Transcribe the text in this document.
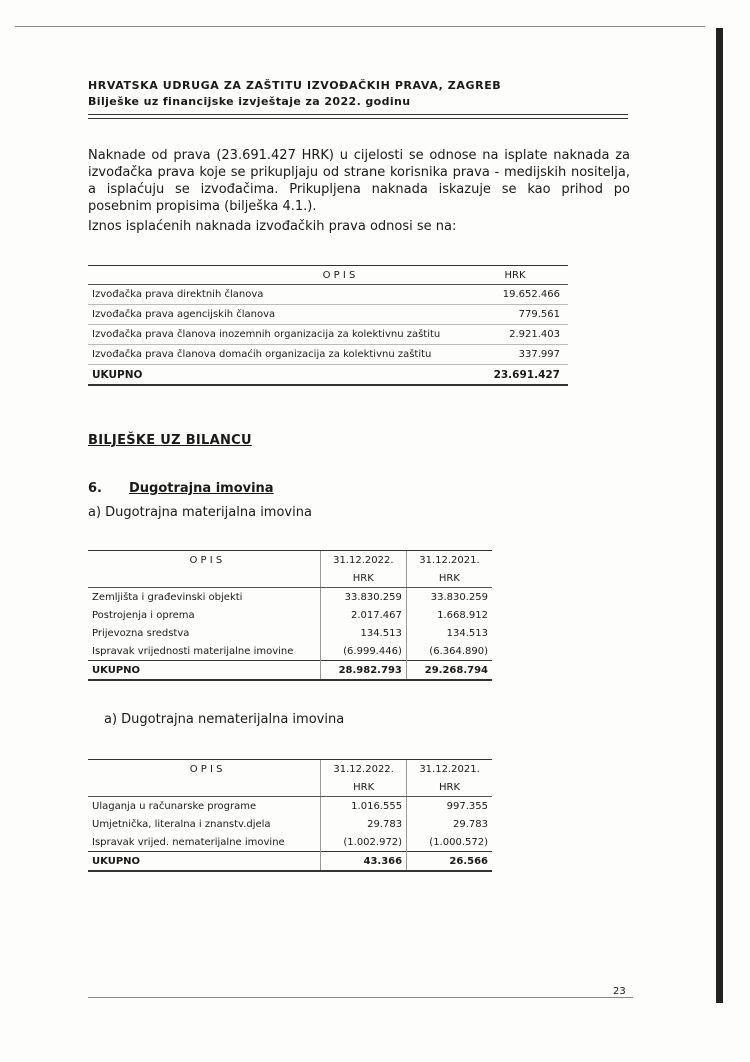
HRVATSKA UDRUGA ZA ZAŠTITU IZVOĐAČKIH PRAVA, ZAGREB
Bilješke uz financijske izvještaje za 2022. godinu
Naknade od prava (23.691.427 HRK) u cijelosti se odnose na isplate naknada za izvođačka prava koje se prikupljaju od strane korisnika prava - medijskih nositelja, a isplaćuju se izvođačima. Prikupljena naknada iskazuje se kao prihod po posebnim propisima (bilješka 4.1.).
Iznos isplaćenih naknada izvođačkih prava odnosi se na:
O P I S	HRK
Izvođačka prava direktnih članova	19.652.466
Izvođačka prava agencijskih članova	779.561
Izvođačka prava članova inozemnih organizacija za kolektivnu zaštitu	2.921.403
Izvođačka prava članova domaćih organizacija za kolektivnu zaštitu	337.997
UKUPNO	23.691.427
BILJEŠKE UZ BILANCU
6. Dugotrajna imovina
a) Dugotrajna materijalna imovina
O P I S	31.12.2022.	31.12.2021.
	HRK	HRK
Zemljišta i građevinski objekti	33.830.259	33.830.259
Postrojenja i oprema	2.017.467	1.668.912
Prijevozna sredstva	134.513	134.513
Ispravak vrijednosti materijalne imovine	(6.999.446)	(6.364.890)
UKUPNO	28.982.793	29.268.794
a) Dugotrajna nematerijalna imovina
O P I S	31.12.2022.	31.12.2021.
	HRK	HRK
Ulaganja u računarske programe	1.016.555	997.355
Umjetnička, literalna i znanstv.djela	29.783	29.783
Ispravak vrijed. nematerijalne imovine	(1.002.972)	(1.000.572)
UKUPNO	43.366	26.566
23
